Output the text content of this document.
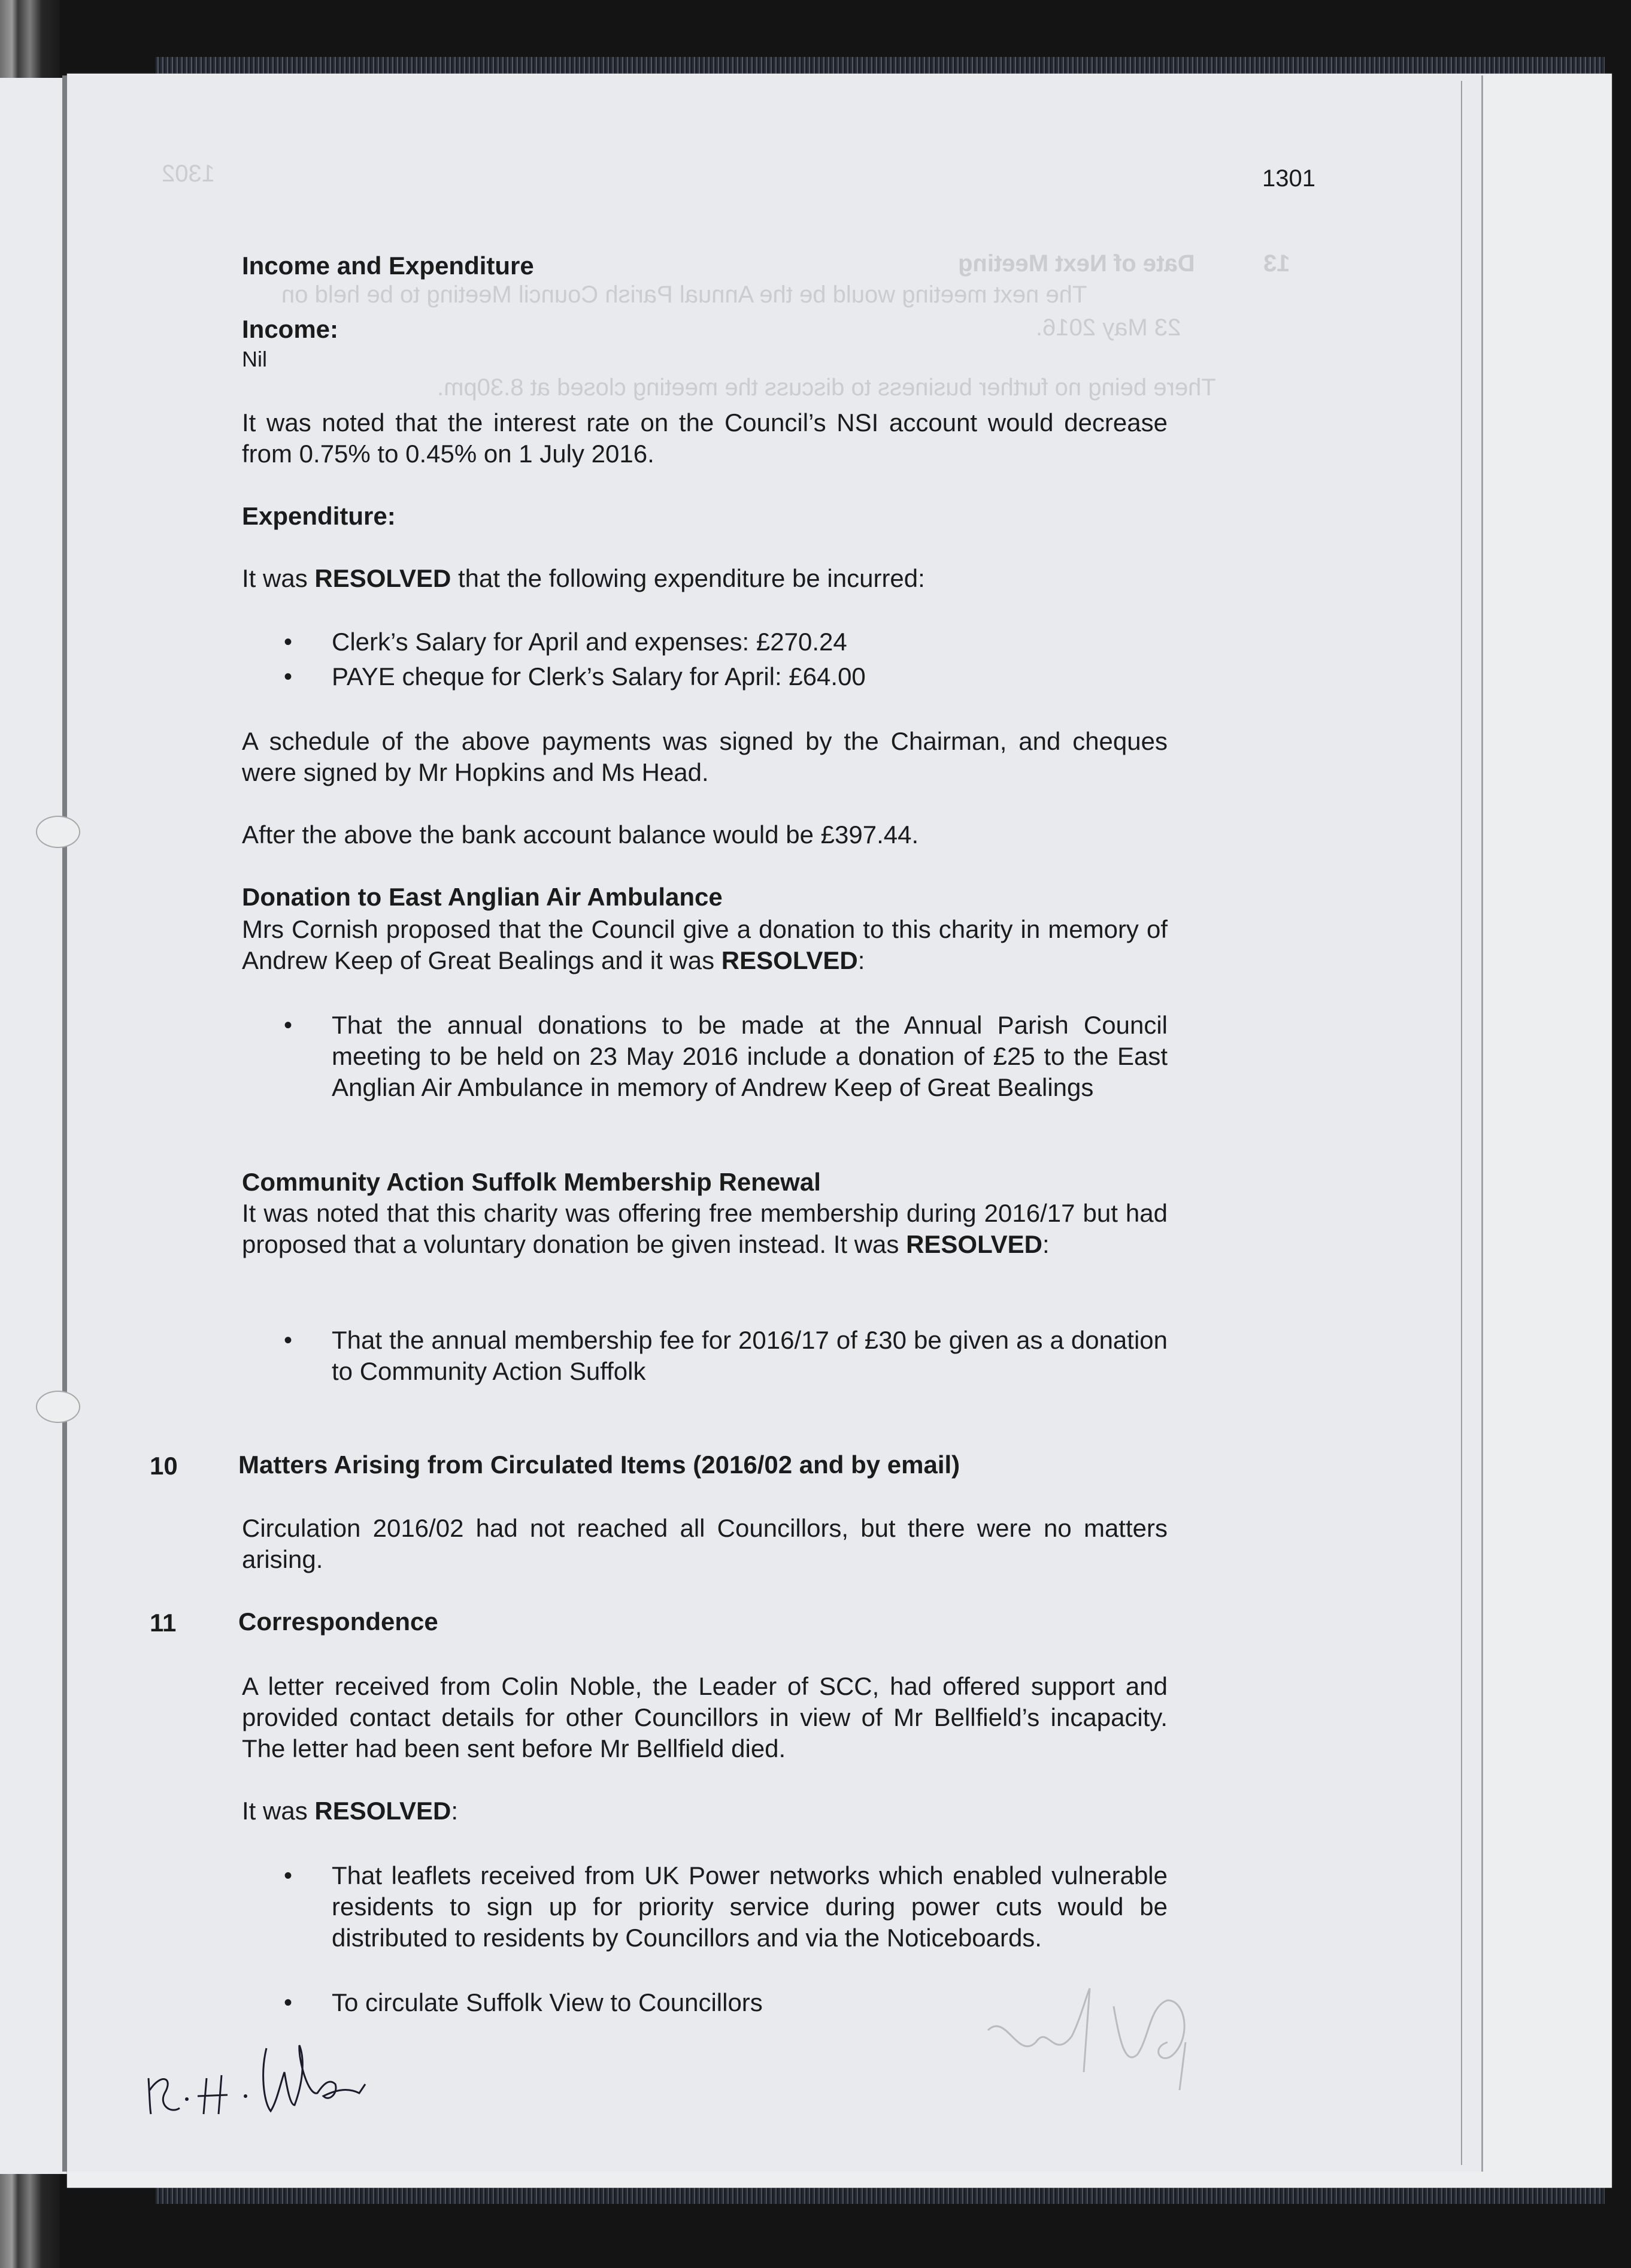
1302
Date of Next Meeting	13
The next meeting would be the Annual Parish Council Meeting to be held on
23 May 2016.
There being no further business to discuss the meeting closed at 8.30pm.
1301
Income and Expenditure
Income:
Nil
It was noted that the interest rate on the Council’s NSI account would decrease from 0.75% to 0.45% on 1 July 2016.
Expenditure:
It was RESOLVED that the following expenditure be incurred:
•	Clerk’s Salary for April and expenses: £270.24
•	PAYE cheque for Clerk’s Salary for April: £64.00
A schedule of the above payments was signed by the Chairman, and cheques were signed by Mr Hopkins and Ms Head.
After the above the bank account balance would be £397.44.
Donation to East Anglian Air Ambulance
Mrs Cornish proposed that the Council give a donation to this charity in memory of Andrew Keep of Great Bealings and it was RESOLVED:
•	That the annual donations to be made at the Annual Parish Council meeting to be held on 23 May 2016 include a donation of £25 to the East Anglian Air Ambulance in memory of Andrew Keep of Great Bealings
Community Action Suffolk Membership Renewal
It was noted that this charity was offering free membership during 2016/17 but had proposed that a voluntary donation be given instead. It was RESOLVED:
•	That the annual membership fee for 2016/17 of £30 be given as a donation to Community Action Suffolk
10 Matters Arising from Circulated Items (2016/02 and by email)
Circulation 2016/02 had not reached all Councillors, but there were no matters arising.
11 Correspondence
A letter received from Colin Noble, the Leader of SCC, had offered support and provided contact details for other Councillors in view of Mr Bellfield’s incapacity. The letter had been sent before Mr Bellfield died.
It was RESOLVED:
•	That leaflets received from UK Power networks which enabled vulnerable residents to sign up for priority service during power cuts would be distributed to residents by Councillors and via the Noticeboards.
•	To circulate Suffolk View to Councillors
